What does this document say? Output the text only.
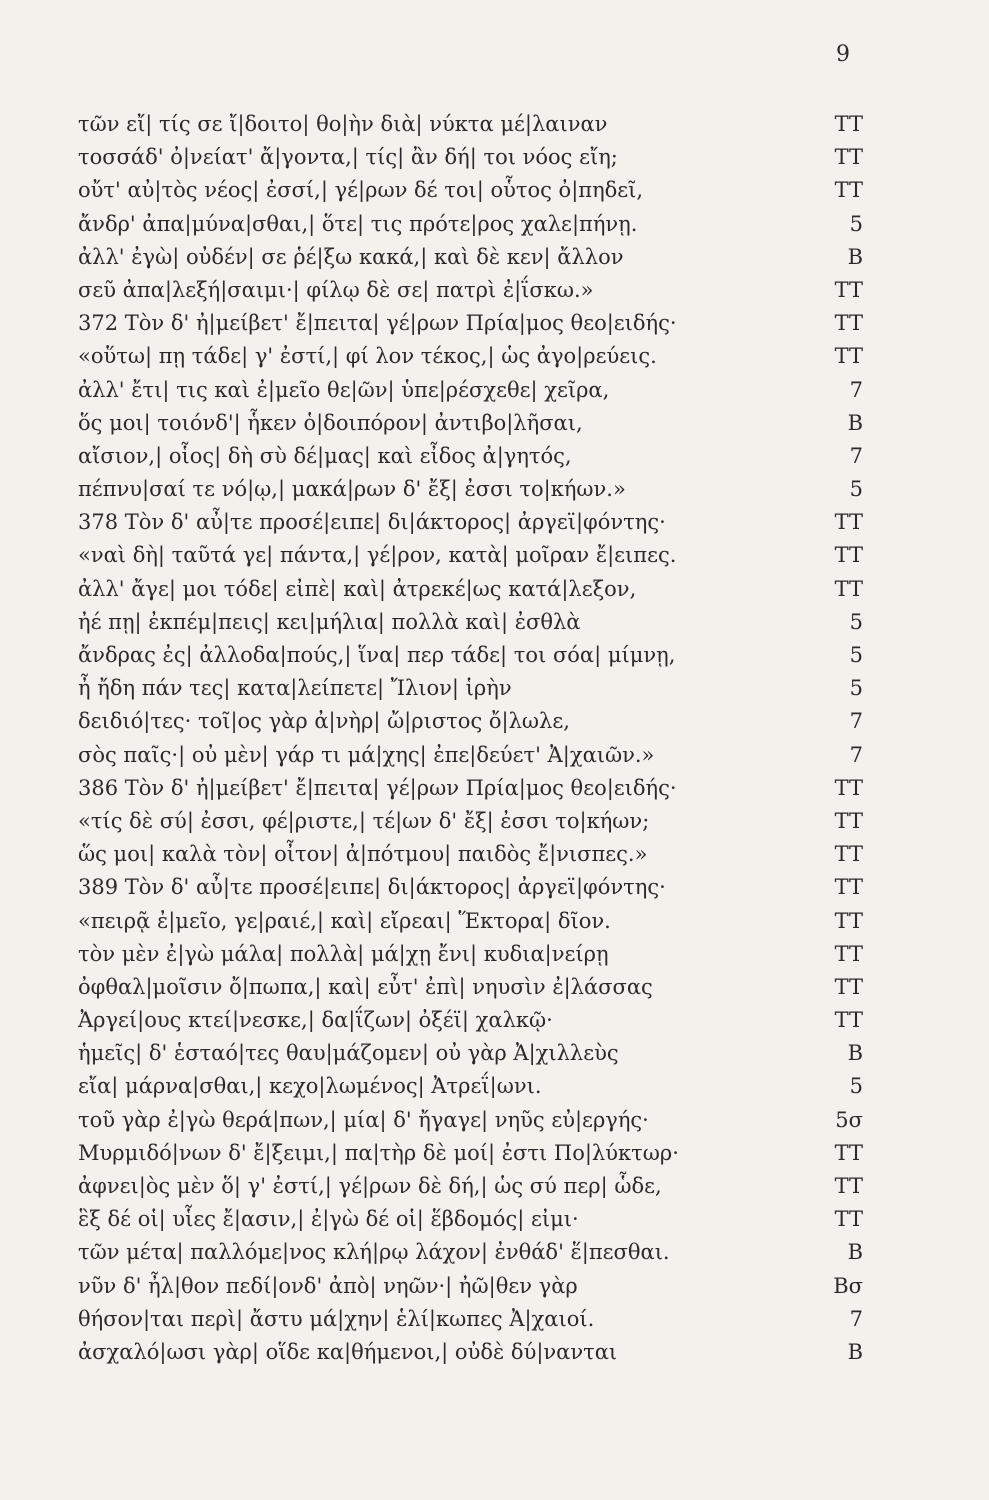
9
τῶν εἴ| τίς σε ἴ|δοιτο| θο|ὴν διὰ| νύκτα μέ|λαιναν	TT
τοσσάδ' ὀ|νείατ' ἄ|γοντα,| τίς| ἂν δή| τοι νόος εἴη;	TT
οὔτ' αὐ|τὸς νέος| ἐσσί,| γέ|ρων δέ τοι| οὗτος ὀ|πηδεῖ,	TT
ἄνδρ' ἀπα|μύνα|σθαι,| ὅτε| τις πρότε|ρος χαλε|πήνῃ.	5
ἀλλ' ἐγὼ| οὐδέν| σε ῥέ|ξω κακά,| καὶ δὲ κεν| ἄλλον	B
σεῦ ἀπα|λεξή|σαιμι·| φίλῳ δὲ σε| πατρὶ ἐ|ΐσκω.»	TT
372 Τὸν δ' ἠ|μείβετ' ἔ|πειτα| γέ|ρων Πρία|μος θεο|ειδής·	TT
«οὕτω| πῃ τάδε| γ' ἐστί,| φί λον τέκος,| ὡς ἀγο|ρεύεις.	TT
ἀλλ' ἔτι| τις καὶ ἐ|μεῖο θε|ῶν| ὑπε|ρέσχεθε| χεῖρα,	7
ὅς μοι| τοιόνδ'| ἧκεν ὁ|δοιπόρον| ἀντιβο|λῆσαι,	B
αἴσιον,| οἷος| δὴ σὺ δέ|μας| καὶ εἶδος ἀ|γητός,	7
πέπνυ|σαί τε νό|ῳ,| μακά|ρων δ' ἔξ| ἐσσι το|κήων.»	5
378 Τὸν δ' αὖ|τε προσέ|ειπε| δι|άκτορος| ἀργεϊ|φόντης·	TT
«ναὶ δὴ| ταῦτά γε| πάντα,| γέ|ρον, κατὰ| μοῖραν ἔ|ειπες.	TT
ἀλλ' ἄγε| μοι τόδε| εἰπὲ| καὶ| ἀτρεκέ|ως κατά|λεξον,	TT
ἠέ πῃ| ἐκπέμ|πεις| κει|μήλια| πολλὰ καὶ| ἐσθλὰ	5
ἄνδρας ἐς| ἀλλοδα|πούς,| ἵνα| περ τάδε| τοι σόα| μίμνῃ,	5
ἦ ἤδη πάν τες| κατα|λείπετε| Ἴλιον| ἱρὴν	5
δειδιό|τες· τοῖ|ος γὰρ ἀ|νὴρ| ὤ|ριστος ὄ|λωλε,	7
σὸς παῖς·| οὐ μὲν| γάρ τι μά|χης| ἐπε|δεύετ' Ἀ|χαιῶν.»	7
386 Τὸν δ' ἠ|μείβετ' ἔ|πειτα| γέ|ρων Πρία|μος θεο|ειδής·	TT
«τίς δὲ σύ| ἐσσι, φέ|ριστε,| τέ|ων δ' ἔξ| ἐσσι το|κήων;	TT
ὥς μοι| καλὰ τὸν| οἶτον| ἀ|πότμου| παιδὸς ἔ|νισπες.»	TT
389 Τὸν δ' αὖ|τε προσέ|ειπε| δι|άκτορος| ἀργεϊ|φόντης·	TT
«πειρᾷ ἐ|μεῖο, γε|ραιέ,| καὶ| εἴρεαι| Ἕκτορα| δῖον.	TT
τὸν μὲν ἐ|γὼ μάλα| πολλὰ| μά|χῃ ἔνι| κυδια|νείρῃ	TT
ὀφθαλ|μοῖσιν ὄ|πωπα,| καὶ| εὖτ' ἐπὶ| νηυσὶν ἐ|λάσσας	TT
Ἀργεί|ους κτεί|νεσκε,| δα|ΐζων| ὀξέϊ| χαλκῷ·	TT
ἡμεῖς| δ' ἑσταό|τες θαυ|μάζομεν| οὐ γὰρ Ἀ|χιλλεὺς	B
εἴα| μάρνα|σθαι,| κεχο|λωμένος| Ἀτρεΐ|ωνι.	5
τοῦ γὰρ ἐ|γὼ θερά|πων,| μία| δ' ἤγαγε| νηῦς εὐ|εργής·	5σ
Μυρμιδό|νων δ' ἔ|ξειμι,| πα|τὴρ δὲ μοί| ἐστι Πο|λύκτωρ·	TT
ἀφνει|ὸς μὲν ὅ| γ' ἐστί,| γέ|ρων δὲ δή,| ὡς σύ περ| ὧδε,	TT
ἓξ δέ οἱ| υἷες ἔ|ασιν,| ἐ|γὼ δέ οἱ| ἕβδομός| εἰμι·	TT
τῶν μέτα| παλλόμε|νος κλή|ρῳ λάχον| ἐνθάδ' ἕ|πεσθαι.	B
νῦν δ' ἦλ|θον πεδί|ονδ' ἀπὸ| νηῶν·| ἠῶ|θεν γὰρ	Bσ
θήσον|ται περὶ| ἄστυ μά|χην| ἑλί|κωπες Ἀ|χαιοί.	7
ἀσχαλό|ωσι γὰρ| οἵδε κα|θήμενοι,| οὐδὲ δύ|νανται	B
